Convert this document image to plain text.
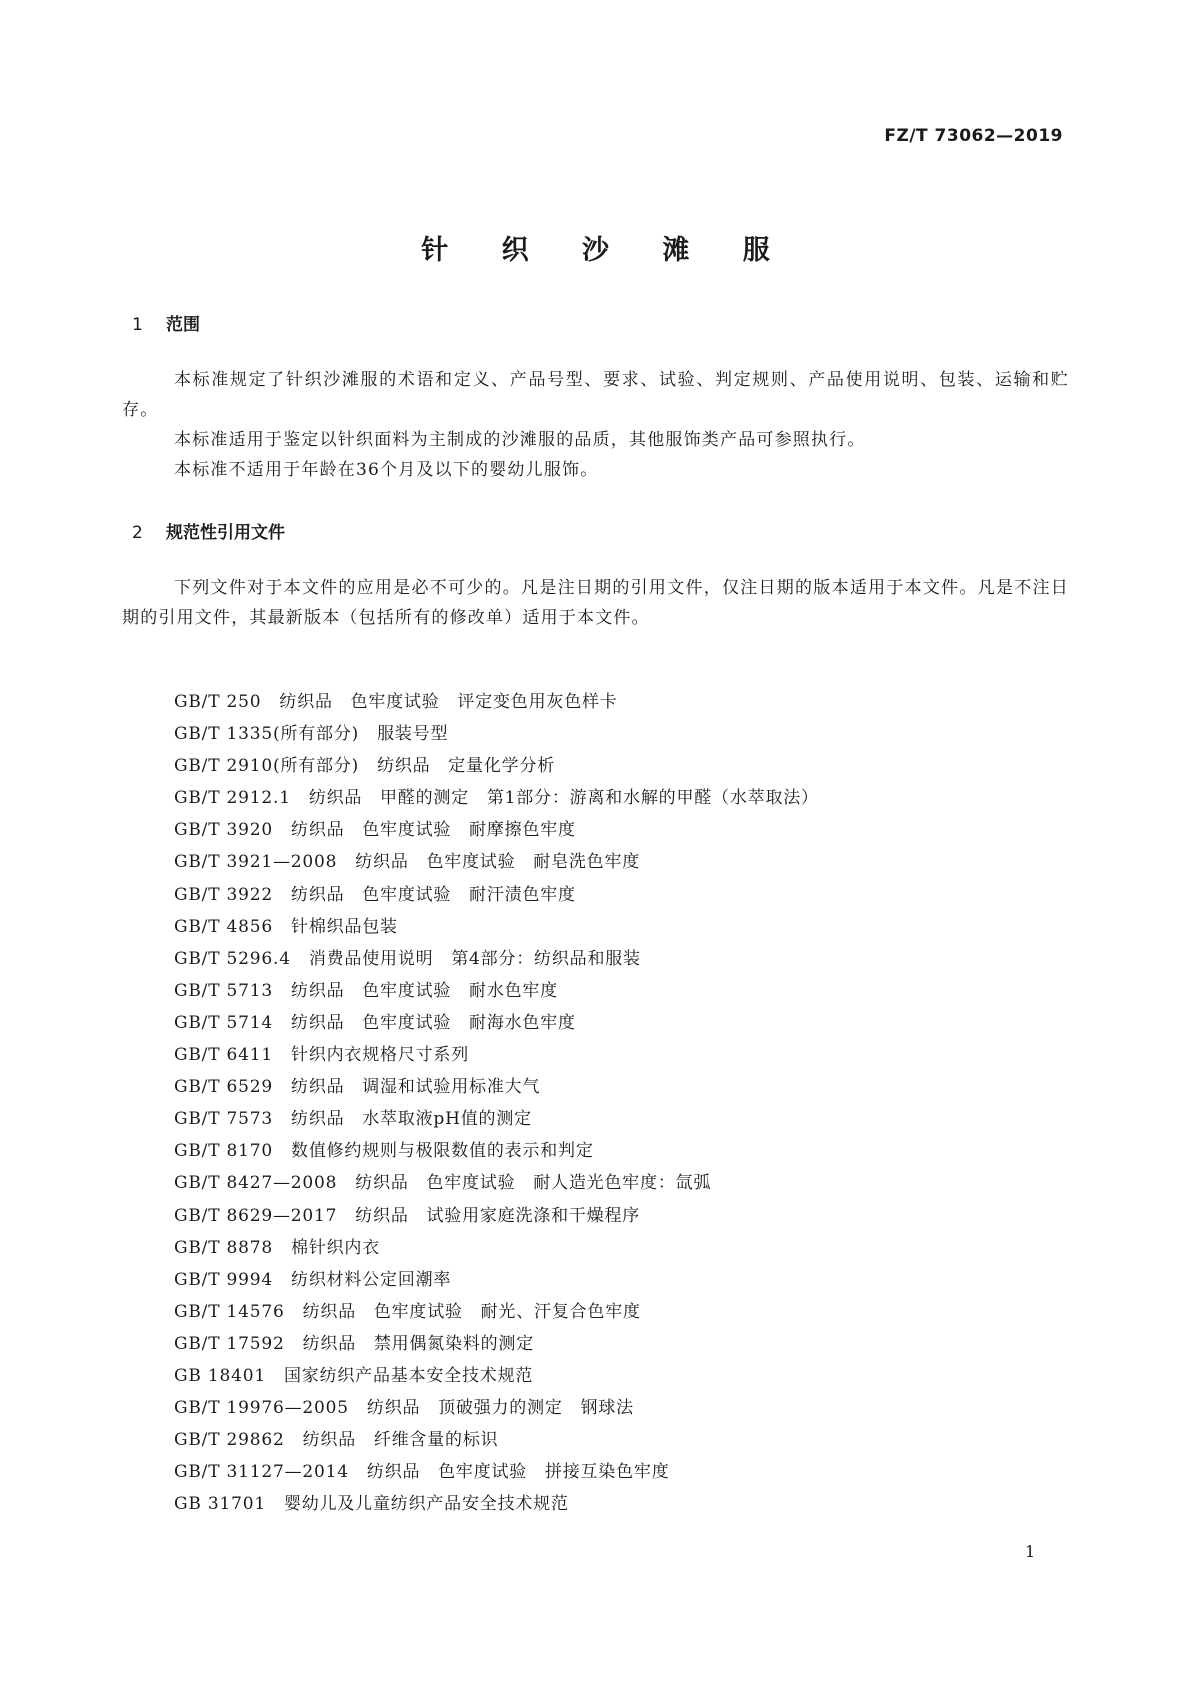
FZ/T 73062—2019
针 织 沙 滩 服
1 范围
本标准规定了针织沙滩服的术语和定义、产品号型、要求、试验、判定规则、产品使用说明、包装、运输和贮存。
本标准适用于鉴定以针织面料为主制成的沙滩服的品质，其他服饰类产品可参照执行。
本标准不适用于年龄在36个月及以下的婴幼儿服饰。
2 规范性引用文件
下列文件对于本文件的应用是必不可少的。凡是注日期的引用文件，仅注日期的版本适用于本文件。凡是不注日期的引用文件，其最新版本（包括所有的修改单）适用于本文件。
GB/T 250 纺织品　色牢度试验　评定变色用灰色样卡
GB/T 1335(所有部分) 服装号型
GB/T 2910(所有部分) 纺织品　定量化学分析
GB/T 2912.1 纺织品　甲醛的测定　第1部分：游离和水解的甲醛（水萃取法）
GB/T 3920 纺织品　色牢度试验　耐摩擦色牢度
GB/T 3921—2008 纺织品　色牢度试验　耐皂洗色牢度
GB/T 3922 纺织品　色牢度试验　耐汗渍色牢度
GB/T 4856 针棉织品包装
GB/T 5296.4 消费品使用说明　第4部分：纺织品和服装
GB/T 5713 纺织品　色牢度试验　耐水色牢度
GB/T 5714 纺织品　色牢度试验　耐海水色牢度
GB/T 6411 针织内衣规格尺寸系列
GB/T 6529 纺织品　调湿和试验用标准大气
GB/T 7573 纺织品　水萃取液pH值的测定
GB/T 8170 数值修约规则与极限数值的表示和判定
GB/T 8427—2008 纺织品　色牢度试验　耐人造光色牢度：氙弧
GB/T 8629—2017 纺织品　试验用家庭洗涤和干燥程序
GB/T 8878 棉针织内衣
GB/T 9994 纺织材料公定回潮率
GB/T 14576 纺织品　色牢度试验　耐光、汗复合色牢度
GB/T 17592 纺织品　禁用偶氮染料的测定
GB 18401 国家纺织产品基本安全技术规范
GB/T 19976—2005 纺织品　顶破强力的测定　钢球法
GB/T 29862 纺织品　纤维含量的标识
GB/T 31127—2014 纺织品　色牢度试验　拼接互染色牢度
GB 31701 婴幼儿及儿童纺织产品安全技术规范
1
